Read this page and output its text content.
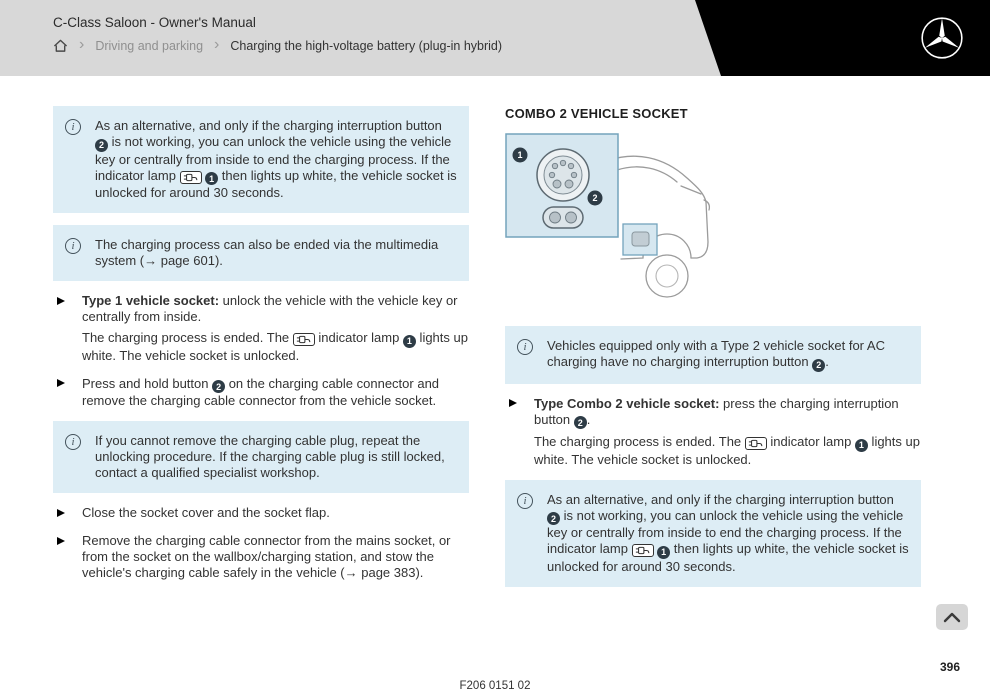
C-Class Saloon - Owner's Manual
› Driving and parking › Charging the high-voltage battery (plug-in hybrid)
i	As an alternative, and only if the charging interruption button 2 is not working, you can unlock the vehicle using the vehicle key or centrally from inside to end the charging process. If the indicator lamp	1 then lights up white, the vehicle socket is unlocked for around 30 seconds.

i	The charging process can also be ended via the multimedia system (→ page 601).

Type 1 vehicle socket: unlock the vehicle with the vehicle key or centrally from inside.

The charging process is ended. The  indicator lamp 1 lights up white. The vehicle socket is unlocked.

Press and hold button 2 on the charging cable connector and remove the charging cable connector from the vehicle socket.

i	If you cannot remove the charging cable plug, repeat the unlocking procedure. If the charging cable plug is still locked, contact a qualified specialist workshop.

Close the socket cover and the socket flap.

Remove the charging cable connector from the mains socket, or from the socket on the wallbox/charging station, and stow the vehicle's charging cable safely in the vehicle (→ page 383).

COMBO 2 VEHICLE SOCKET
1
2
i	Vehicles equipped only with a Type 2 vehicle socket for AC charging have no charging interruption button 2 .

Type Combo 2 vehicle socket: press the charging interruption button 2 .

The charging process is ended. The  indicator lamp 1 lights up white. The vehicle socket is unlocked.

i	As an alternative, and only if the charging interruption button 2 is not working, you can unlock the vehicle using the vehicle key or centrally from inside to end the charging process. If the indicator lamp	1 then lights up white, the vehicle socket is unlocked for around 30 seconds.

F206 0151 02
396
